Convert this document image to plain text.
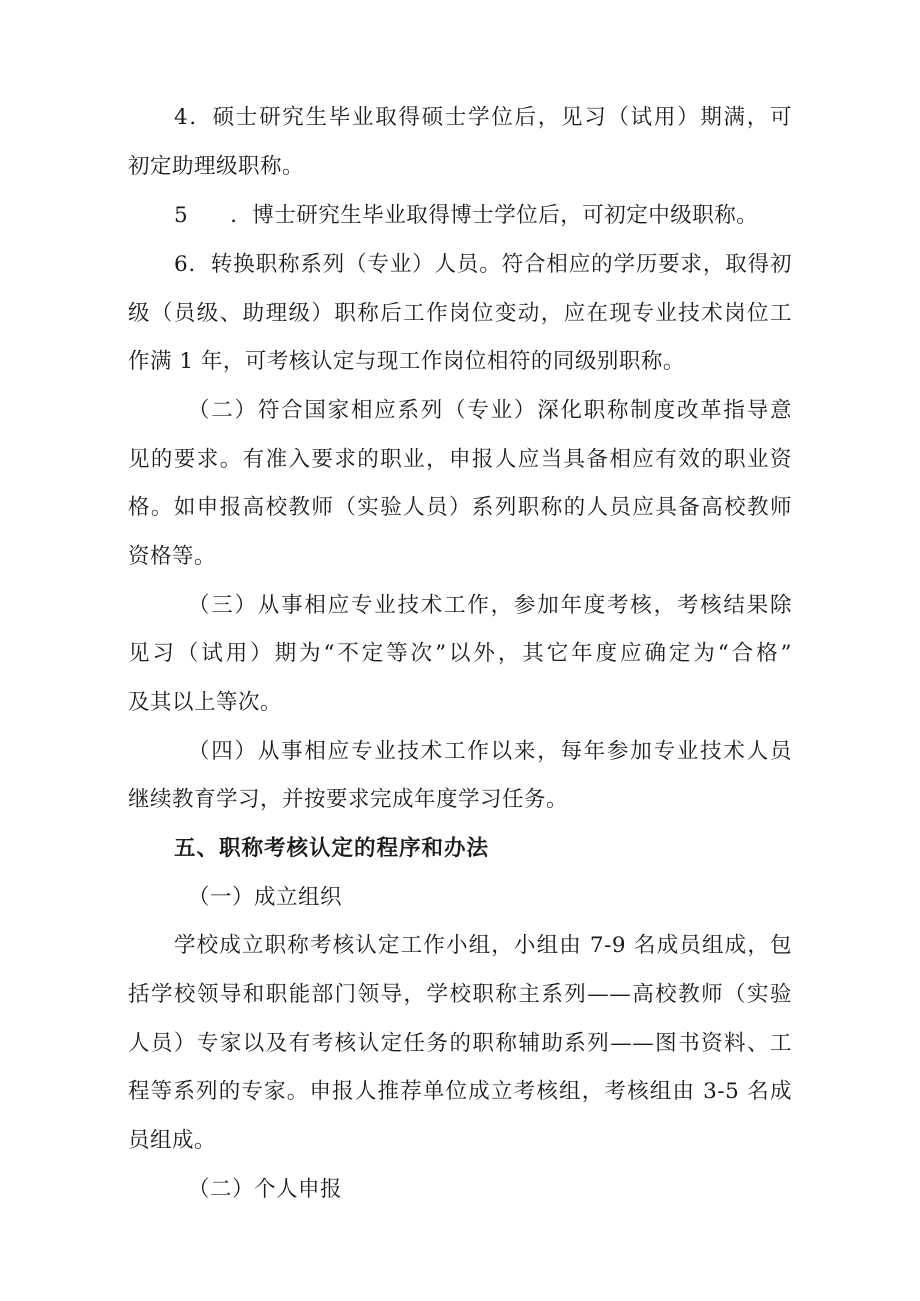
4．硕士研究生毕业取得硕士学位后，见习（试用）期满，可
初定助理级职称。
5 ．博士研究生毕业取得博士学位后，可初定中级职称。
6．转换职称系列（专业）人员。符合相应的学历要求，取得初
级（员级、助理级）职称后工作岗位变动，应在现专业技术岗位工
作满 1 年，可考核认定与现工作岗位相符的同级别职称。
（二）符合国家相应系列（专业）深化职称制度改革指导意
见的要求。有准入要求的职业，申报人应当具备相应有效的职业资
格。如申报高校教师（实验人员）系列职称的人员应具备高校教师
资格等。
（三）从事相应专业技术工作，参加年度考核，考核结果除
见习（试用）期为“不定等次”以外，其它年度应确定为“合格”
及其以上等次。
（四）从事相应专业技术工作以来，每年参加专业技术人员
继续教育学习，并按要求完成年度学习任务。
五、职称考核认定的程序和办法
（一）成立组织
学校成立职称考核认定工作小组，小组由 7-9 名成员组成，包
括学校领导和职能部门领导，学校职称主系列——高校教师（实验
人员）专家以及有考核认定任务的职称辅助系列——图书资料、工
程等系列的专家。申报人推荐单位成立考核组，考核组由 3-5 名成
员组成。
（二）个人申报
